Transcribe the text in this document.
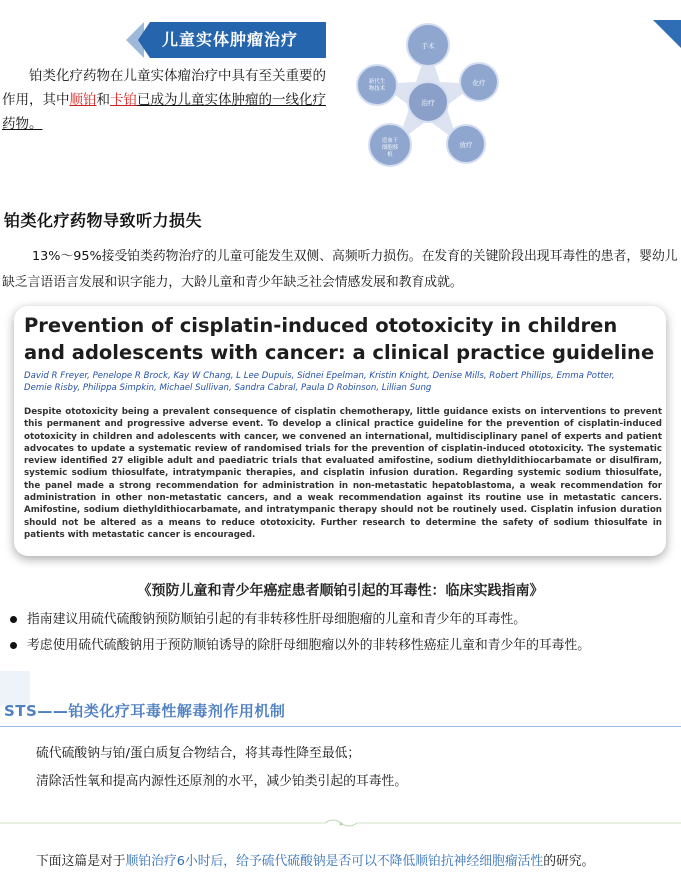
儿童实体肿瘤治疗
铂类化疗药物在儿童实体瘤治疗中具有至关重要的作用，其中顺铂和卡铂已成为儿童实体肿瘤的一线化疗药物。
手术
化疗
放疗
造血干
细胞移
植
新代生
物技术
治疗
铂类化疗药物导致听力损失
13%～95%接受铂类药物治疗的儿童可能发生双侧、高频听力损伤。在发育的关键阶段出现耳毒性的患者，婴幼儿缺乏言语语言发展和识字能力，大龄儿童和青少年缺乏社会情感发展和教育成就。
Prevention of cisplatin-induced ototoxicity in children and adolescents with cancer: a clinical practice guideline
David R Freyer, Penelope R Brock, Kay W Chang, L Lee Dupuis, Sidnei Epelman, Kristin Knight, Denise Mills, Robert Phillips, Emma Potter, Demie Risby, Philippa Simpkin, Michael Sullivan, Sandra Cabral, Paula D Robinson, Lillian Sung
Despite ototoxicity being a prevalent consequence of cisplatin chemotherapy, little guidance exists on interventions to prevent this permanent and progressive adverse event. To develop a clinical practice guideline for the prevention of cisplatin-induced ototoxicity in children and adolescents with cancer, we convened an international, multidisciplinary panel of experts and patient advocates to update a systematic review of randomised trials for the prevention of cisplatin-induced ototoxicity. The systematic review identified 27 eligible adult and paediatric trials that evaluated amifostine, sodium diethyldithiocarbamate or disulfiram, systemic sodium thiosulfate, intratympanic therapies, and cisplatin infusion duration. Regarding systemic sodium thiosulfate, the panel made a strong recommendation for administration in non-metastatic hepatoblastoma, a weak recommendation for administration in other non-metastatic cancers, and a weak recommendation against its routine use in metastatic cancers. Amifostine, sodium diethyldithiocarbamate, and intratympanic therapy should not be routinely used. Cisplatin infusion duration should not be altered as a means to reduce ototoxicity. Further research to determine the safety of sodium thiosulfate in patients with metastatic cancer is encouraged.
《预防儿童和青少年癌症患者顺铂引起的耳毒性：临床实践指南》
指南建议用硫代硫酸钠预防顺铂引起的有非转移性肝母细胞瘤的儿童和青少年的耳毒性。
考虑使用硫代硫酸钠用于预防顺铂诱导的除肝母细胞瘤以外的非转移性癌症儿童和青少年的耳毒性。
STS——铂类化疗耳毒性解毒剂作用机制
硫代硫酸钠与铂/蛋白质复合物结合，将其毒性降至最低；
清除活性氧和提高内源性还原剂的水平，减少铂类引起的耳毒性。
下面这篇是对于顺铂治疗6小时后，给予硫代硫酸钠是否可以不降低顺铂抗神经细胞瘤活性的研究。
